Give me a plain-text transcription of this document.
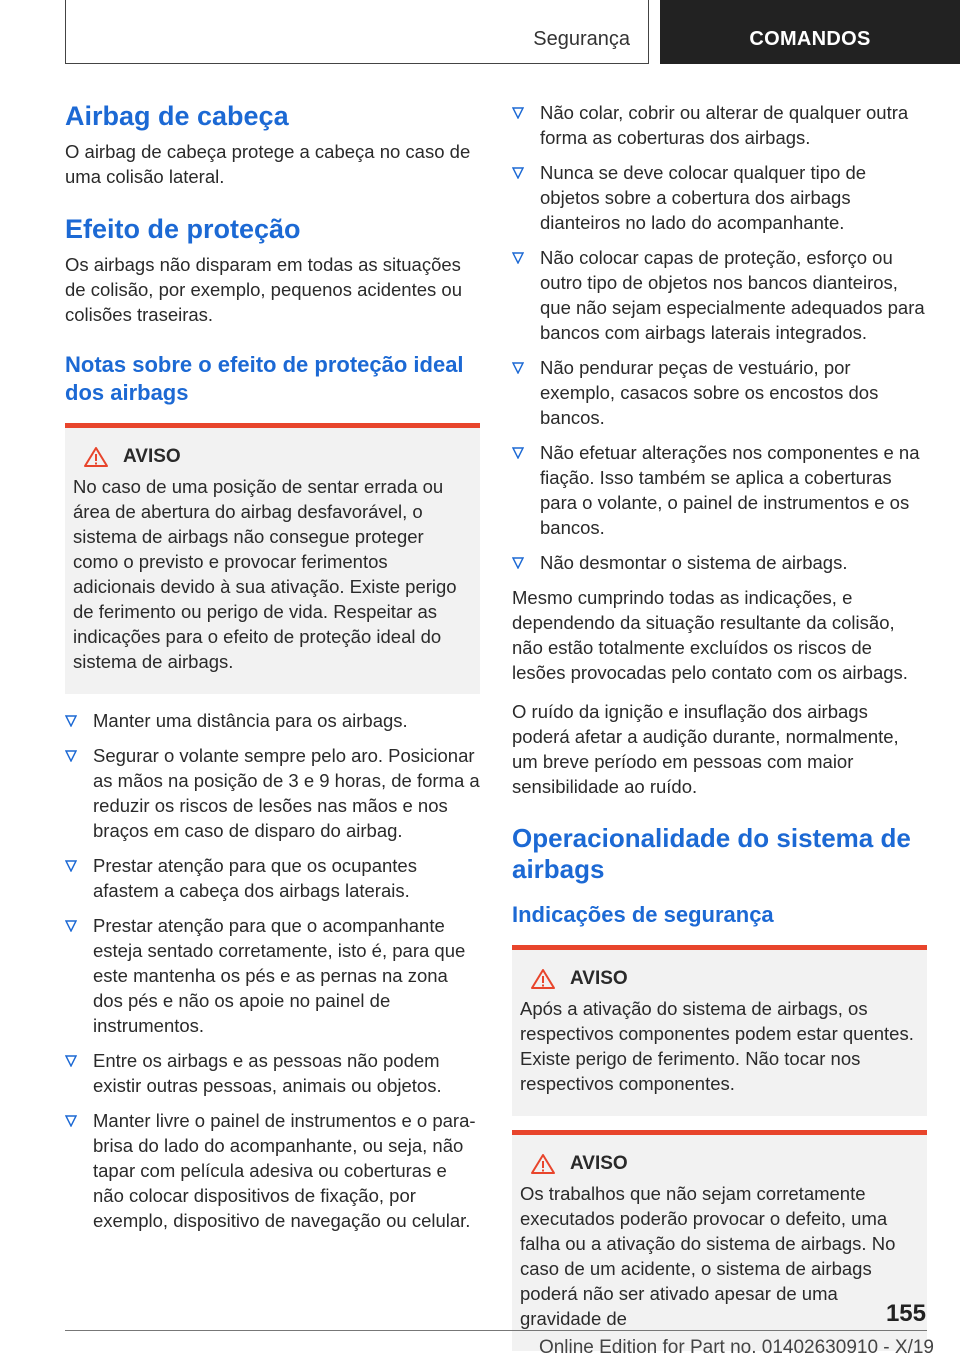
Segurança	COMANDOS
Airbag de cabeça

O airbag de cabeça protege a cabeça no caso de uma colisão lateral.

Efeito de proteção

Os airbags não disparam em todas as situações de colisão, por exemplo, pequenos acidentes ou colisões traseiras.

Notas sobre o efeito de proteção ideal dos airbags
AVISO

No caso de uma posição de sentar errada ou área de abertura do airbag desfavorável, o sistema de airbags não consegue proteger como o previsto e provocar ferimentos adicionais devido à sua ativação. Existe perigo de ferimento ou perigo de vida. Respeitar as indicações para o efeito de proteção ideal do sistema de airbags.

Manter uma distância para os airbags.
Segurar o volante sempre pelo aro. Posicionar as mãos na posição de 3 e 9 horas, de forma a reduzir os riscos de lesões nas mãos e nos braços em caso de disparo do airbag.
Prestar atenção para que os ocupantes afastem a cabeça dos airbags laterais.
Prestar atenção para que o acompanhante esteja sentado corretamente, isto é, para que este mantenha os pés e as pernas na zona dos pés e não os apoie no painel de instrumentos.
Entre os airbags e as pessoas não podem existir outras pessoas, animais ou objetos.
Manter livre o painel de instrumentos e o para-brisa do lado do acompanhante, ou seja, não tapar com película adesiva ou coberturas e não colocar dispositivos de fixação, por exemplo, dispositivo de navegação ou celular.
Não colar, cobrir ou alterar de qualquer outra forma as coberturas dos airbags.
Nunca se deve colocar qualquer tipo de objetos sobre a cobertura dos airbags dianteiros no lado do acompanhante.
Não colocar capas de proteção, esforço ou outro tipo de objetos nos bancos dianteiros, que não sejam especialmente adequados para bancos com airbags laterais integrados.
Não pendurar peças de vestuário, por exemplo, casacos sobre os encostos dos bancos.
Não efetuar alterações nos componentes e na fiação. Isso também se aplica a coberturas para o volante, o painel de instrumentos e os bancos.
Não desmontar o sistema de airbags.

Mesmo cumprindo todas as indicações, e dependendo da situação resultante da colisão, não estão totalmente excluídos os riscos de lesões provocadas pelo contato com os airbags.

O ruído da ignição e insuflação dos airbags poderá afetar a audição durante, normalmente, um breve período em pessoas com maior sensibilidade ao ruído.

Operacionalidade do sistema de airbags
Indicações de segurança
AVISO

Após a ativação do sistema de airbags, os respectivos componentes podem estar quentes. Existe perigo de ferimento. Não tocar nos respectivos componentes.

AVISO

Os trabalhos que não sejam corretamente executados poderão provocar o defeito, uma falha ou a ativação do sistema de airbags. No caso de um acidente, o sistema de airbags poderá não ser ativado apesar de uma gravidade de	155
Online Edition for Part no. 01402630910 - X/19
